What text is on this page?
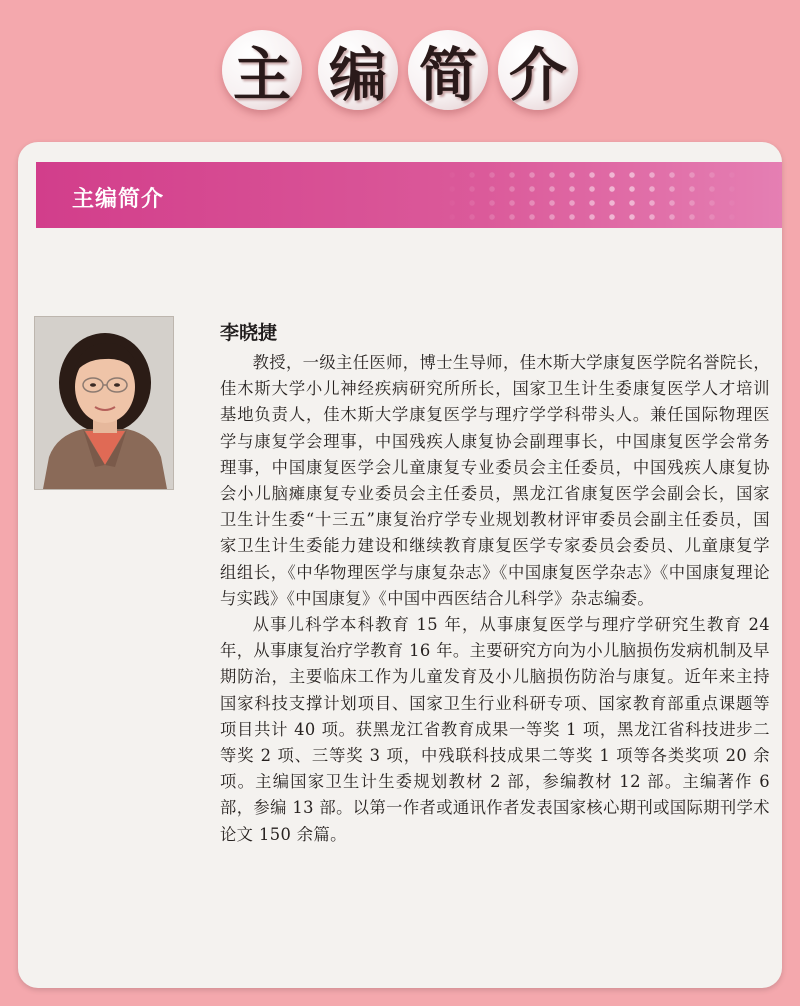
主 编 简 介
主编简介
李晓捷

教授，一级主任医师，博士生导师，佳木斯大学康复医学院名誉院长，佳木斯大学小儿神经疾病研究所所长，国家卫生计生委康复医学人才培训基地负责人，佳木斯大学康复医学与理疗学学科带头人。兼任国际物理医学与康复学会理事，中国残疾人康复协会副理事长，中国康复医学会常务理事，中国康复医学会儿童康复专业委员会主任委员，中国残疾人康复协会小儿脑瘫康复专业委员会主任委员，黑龙江省康复医学会副会长，国家卫生计生委“十三五”康复治疗学专业规划教材评审委员会副主任委员，国家卫生计生委能力建设和继续教育康复医学专家委员会委员、儿童康复学组组长，《中华物理医学与康复杂志》《中国康复医学杂志》《中国康复理论与实践》《中国康复》《中国中西医结合儿科学》杂志编委。

从事儿科学本科教育 15 年，从事康复医学与理疗学研究生教育 24 年，从事康复治疗学教育 16 年。主要研究方向为小儿脑损伤发病机制及早期防治，主要临床工作为儿童发育及小儿脑损伤防治与康复。近年来主持国家科技支撑计划项目、国家卫生行业科研专项、国家教育部重点课题等项目共计 40 项。获黑龙江省教育成果一等奖 1 项，黑龙江省科技进步二等奖 2 项、三等奖 3 项，中残联科技成果二等奖 1 项等各类奖项 20 余项。主编国家卫生计生委规划教材 2 部，参编教材 12 部。主编著作 6 部，参编 13 部。以第一作者或通讯作者发表国家核心期刊或国际期刊学术论文 150 余篇。
